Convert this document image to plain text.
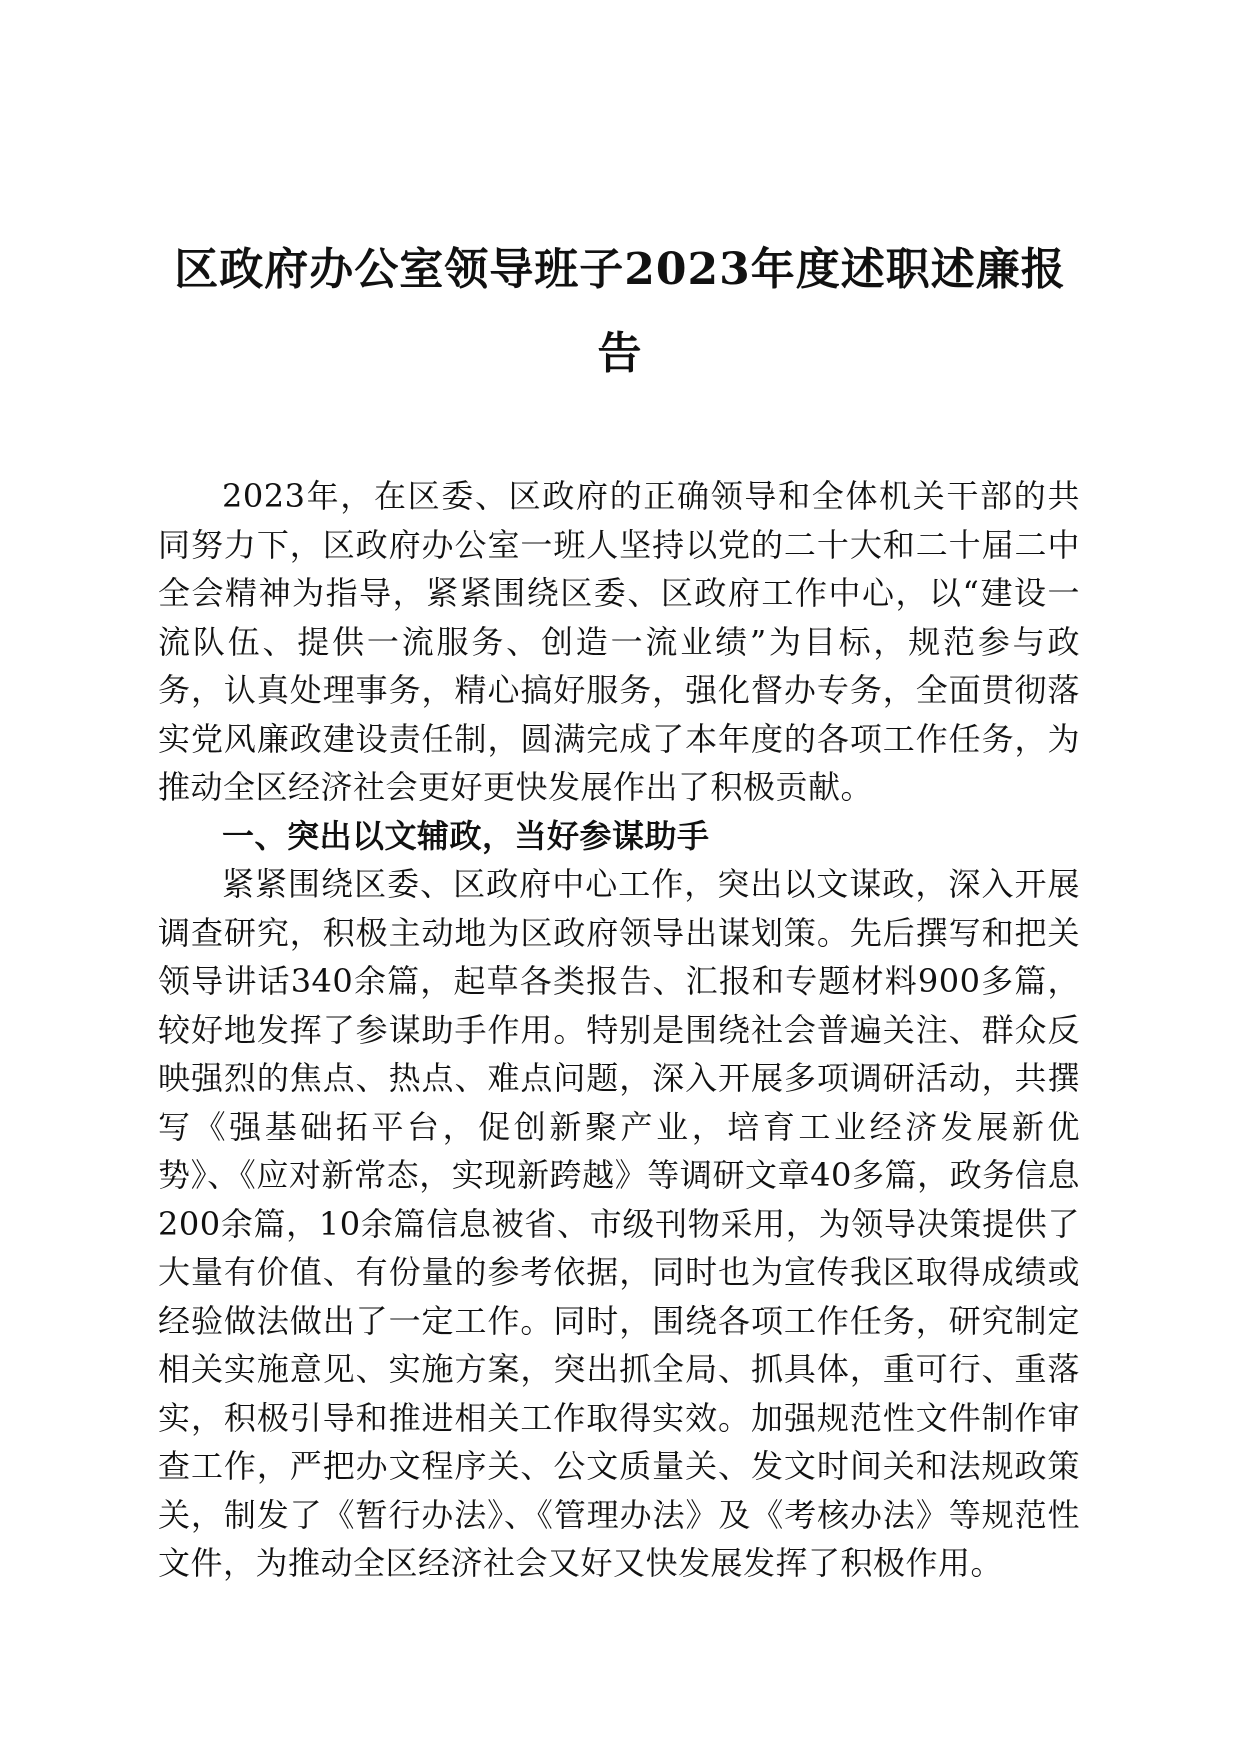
区政府办公室领导班子2023年度述职述廉报
告

2023年，在区委、区政府的正确领导和全体机关干部的共同努力下，区政府办公室一班人坚持以党的二十大和二十届二中全会精神为指导，紧紧围绕区委、区政府工作中心，以“建设一流队伍、提供一流服务、创造一流业绩”为目标，规范参与政务，认真处理事务，精心搞好服务，强化督办专务，全面贯彻落实党风廉政建设责任制，圆满完成了本年度的各项工作任务，为推动全区经济社会更好更快发展作出了积极贡献。

一、突出以文辅政，当好参谋助手

紧紧围绕区委、区政府中心工作，突出以文谋政，深入开展调查研究，积极主动地为区政府领导出谋划策。先后撰写和把关领导讲话340余篇，起草各类报告、汇报和专题材料900多篇，较好地发挥了参谋助手作用。特别是围绕社会普遍关注、群众反映强烈的焦点、热点、难点问题，深入开展多项调研活动，共撰写《强基础拓平台，促创新聚产业，培育工业经济发展新优势》、《应对新常态，实现新跨越》等调研文章40多篇，政务信息200余篇，10余篇信息被省、市级刊物采用，为领导决策提供了大量有价值、有份量的参考依据，同时也为宣传我区取得成绩或经验做法做出了一定工作。同时，围绕各项工作任务，研究制定相关实施意见、实施方案，突出抓全局、抓具体，重可行、重落实，积极引导和推进相关工作取得实效。加强规范性文件制作审查工作，严把办文程序关、公文质量关、发文时间关和法规政策关，制发了《暂行办法》、《管理办法》及《考核办法》等规范性文件，为推动全区经济社会又好又快发展发挥了积极作用。
